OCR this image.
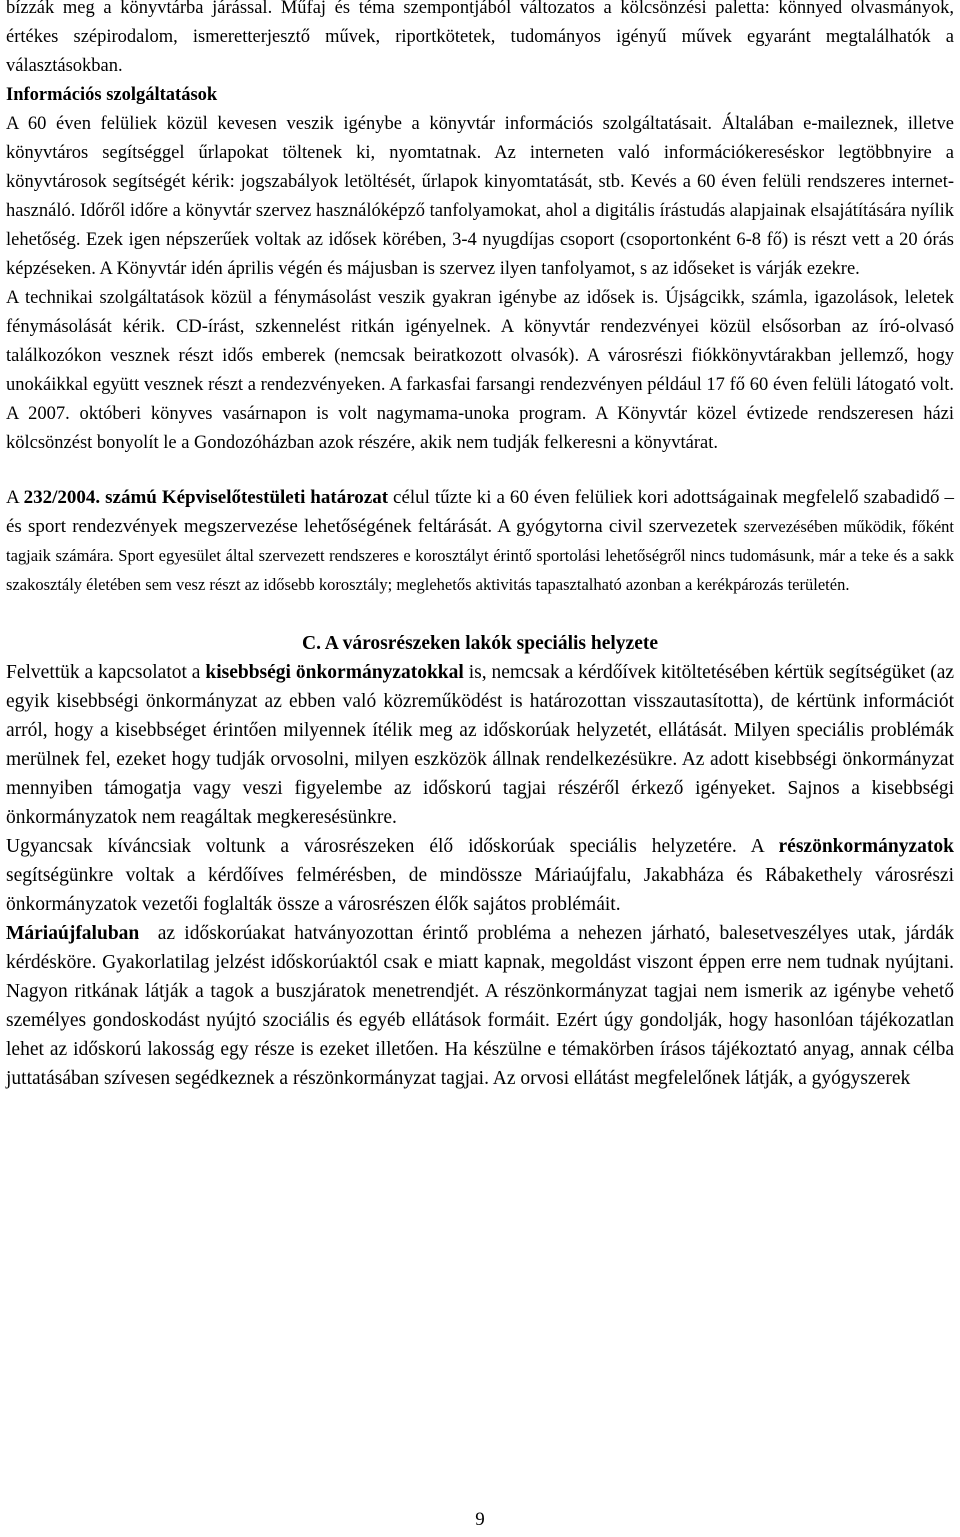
bízzák meg a könyvtárba járással. Műfaj és téma szempontjából változatos a kölcsönzési paletta: könnyed olvasmányok, értékes szépirodalom, ismeretterjesztő művek, riportkötetek, tudományos igényű művek egyaránt megtalálhatók a választásokban.

Információs szolgáltatások

A 60 éven felüliek közül kevesen veszik igénybe a könyvtár információs szolgáltatásait. Általában e-maileznek, illetve könyvtáros segítséggel űrlapokat töltenek ki, nyomtatnak. Az interneten való információkereséskor legtöbbnyire a könyvtárosok segítségét kérik: jogszabályok letöltését, űrlapok kinyomtatását, stb. Kevés a 60 éven felüli rendszeres internet-használó. Időről időre a könyvtár szervez használóképző tanfolyamokat, ahol a digitális írástudás alapjainak elsajátítására nyílik lehetőség. Ezek igen népszerűek voltak az idősek körében, 3-4 nyugdíjas csoport (csoportonként 6-8 fő) is részt vett a 20 órás képzéseken. A Könyvtár idén április végén és májusban is szervez ilyen tanfolyamot, s az időseket is várják ezekre.

A technikai szolgáltatások közül a fénymásolást veszik gyakran igénybe az idősek is. Újságcikk, számla, igazolások, leletek fénymásolását kérik. CD-írást, szkennelést ritkán igényelnek. A könyvtár rendezvényei közül elsősorban az író-olvasó találkozókon vesznek részt idős emberek (nemcsak beiratkozott olvasók). A városrészi fiókkönyvtárakban jellemző, hogy unokáikkal együtt vesznek részt a rendezvényeken. A farkasfai farsangi rendezvényen például 17 fő 60 éven felüli látogató volt. A 2007. októberi könyves vasárnapon is volt nagymama-unoka program. A Könyvtár közel évtizede rendszeresen házi kölcsönzést bonyolít le a Gondozóházban azok részére, akik nem tudják felkeresni a könyvtárat.

A 232/2004. számú Képviselőtestületi határozat célul tűzte ki a 60 éven felüliek kori adottságainak megfelelő szabadidő –és sport rendezvények megszervezése lehetőségének feltárását. A gyógytorna civil szervezetek szervezésében működik, főként tagjaik számára. Sport egyesület által szervezett rendszeres e korosztályt érintő sportolási lehetőségről nincs tudomásunk, már a teke és a sakk szakosztály életében sem vesz részt az idősebb korosztály; meglehetős aktivitás tapasztalható azonban a kerékpározás területén.

C. A városrészeken lakók speciális helyzete

Felvettük a kapcsolatot a kisebbségi önkormányzatokkal is, nemcsak a kérdőívek kitöltetésében kértük segítségüket (az egyik kisebbségi önkormányzat az ebben való közreműködést is határozottan visszautasította), de kértünk információt arról, hogy a kisebbséget érintően milyennek ítélik meg az időskorúak helyzetét, ellátását. Milyen speciális problémák merülnek fel, ezeket hogy tudják orvosolni, milyen eszközök állnak rendelkezésükre. Az adott kisebbségi önkormányzat mennyiben támogatja vagy veszi figyelembe az időskorú tagjai részéről érkező igényeket. Sajnos a kisebbségi önkormányzatok nem reagáltak megkeresésünkre.

Ugyancsak kíváncsiak voltunk a városrészeken élő időskorúak speciális helyzetére. A részönkormányzatok segítségünkre voltak a kérdőíves felmérésben, de mindössze Máriaújfalu, Jakabháza és Rábakethely városrészi önkormányzatok vezetői foglalták össze a városrészen élők sajátos problémáit.

Máriaújfaluban  az időskorúakat hatványozottan érintő probléma a nehezen járható, balesetveszélyes utak, járdák kérdésköre. Gyakorlatilag jelzést időskorúaktól csak e miatt kapnak, megoldást viszont éppen erre nem tudnak nyújtani. Nagyon ritkának látják a tagok a buszjáratok menetrendjét. A részönkormányzat tagjai nem ismerik az igénybe vehető személyes gondoskodást nyújtó szociális és egyéb ellátások formáit. Ezért úgy gondolják, hogy hasonlóan tájékozatlan lehet az időskorú lakosság egy része is ezeket illetően. Ha készülne e témakörben írásos tájékoztató anyag, annak célba juttatásában szívesen segédkeznek a részönkormányzat tagjai. Az orvosi ellátást megfelelőnek látják, a gyógyszerek

9
